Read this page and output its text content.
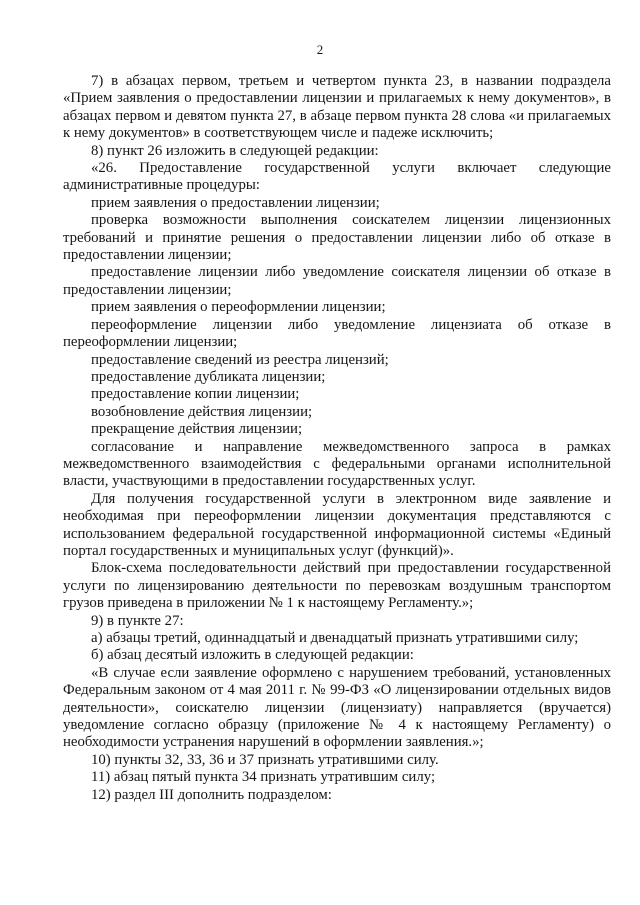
2

7) в абзацах первом, третьем и четвертом пункта 23, в названии подраздела «Прием заявления о предоставлении лицензии и прилагаемых к нему документов», в абзацах первом и девятом пункта 27, в абзаце первом пункта 28 слова «и прилагаемых к нему документов» в соответствующем числе и падеже исключить;

8) пункт 26 изложить в следующей редакции:

«26. Предоставление государственной услуги включает следующие административные процедуры:

прием заявления о предоставлении лицензии;

проверка возможности выполнения соискателем лицензии лицензионных требований и принятие решения о предоставлении лицензии либо об отказе в предоставлении лицензии;

предоставление лицензии либо уведомление соискателя лицензии об отказе в предоставлении лицензии;

прием заявления о переоформлении лицензии;

переоформление лицензии либо уведомление лицензиата об отказе в переоформлении лицензии;

предоставление сведений из реестра лицензий;

предоставление дубликата лицензии;

предоставление копии лицензии;

возобновление действия лицензии;

прекращение действия лицензии;

согласование и направление межведомственного запроса в рамках межведомственного взаимодействия с федеральными органами исполнительной власти, участвующими в предоставлении государственных услуг.

Для получения государственной услуги в электронном виде заявление и необходимая при переоформлении лицензии документация представляются с использованием федеральной государственной информационной системы «Единый портал государственных и муниципальных услуг (функций)».

Блок-схема последовательности действий при предоставлении государственной услуги по лицензированию деятельности по перевозкам воздушным транспортом грузов приведена в приложении № 1 к настоящему Регламенту.»;

9) в пункте 27:

а) абзацы третий, одиннадцатый и двенадцатый признать утратившими силу;

б) абзац десятый изложить в следующей редакции:

«В случае если заявление оформлено с нарушением требований, установленных Федеральным законом от 4 мая 2011 г. № 99-ФЗ «О лицензировании отдельных видов деятельности», соискателю лицензии (лицензиату) направляется (вручается) уведомление согласно образцу (приложение № 4 к настоящему Регламенту) о необходимости устранения нарушений в оформлении заявления.»;

10) пункты 32, 33, 36 и 37 признать утратившими силу.

11) абзац пятый пункта 34 признать утратившим силу;

12) раздел III дополнить подразделом:
